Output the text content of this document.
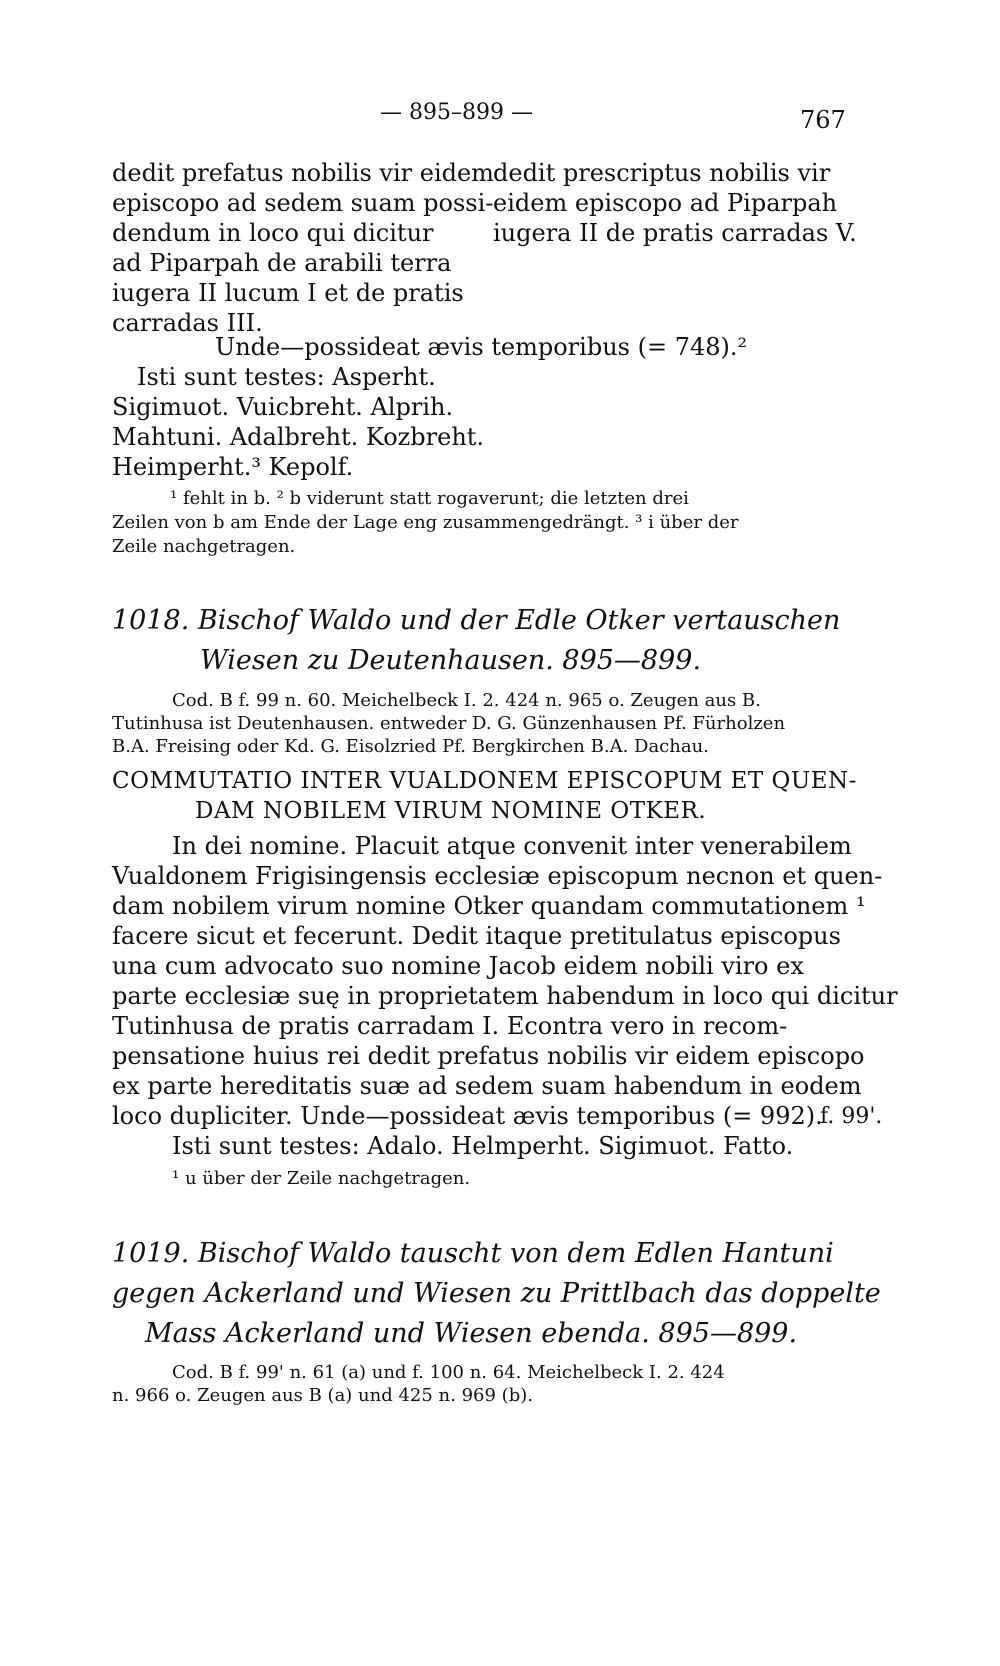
— 895–899 —	767
dedit prefatus nobilis vir eidem
episcopo ad sedem suam possi-
dendum in loco qui dicitur
ad Piparpah de arabili terra
iugera II lucum I et de pratis
carradas III.
dedit prescriptus nobilis vir
eidem episcopo ad Piparpah
iugera II de pratis carradas V.
Unde—possideat ævis temporibus (= 748).²
Isti sunt testes: Asperht.
Sigimuot. Vuicbreht. Alprih.
Mahtuni. Adalbreht. Kozbreht.
Heimperht.³ Kepolf.
¹ fehlt in b. ² b viderunt statt rogaverunt; die letzten drei
Zeilen von b am Ende der Lage eng zusammengedrängt. ³ i über der
Zeile nachgetragen.
1018. Bischof Waldo und der Edle Otker vertauschen
Wiesen zu Deutenhausen. 895—899.
Cod. B f. 99 n. 60. Meichelbeck I. 2. 424 n. 965 o. Zeugen aus B.
Tutinhusa ist Deutenhausen. entweder D. G. Günzenhausen Pf. Fürholzen
B.A. Freising oder Kd. G. Eisolzried Pf. Bergkirchen B.A. Dachau.
COMMUTATIO INTER VUALDONEM EPISCOPUM ET QUEN-
DAM NOBILEM VIRUM NOMINE OTKER.
In dei nomine. Placuit atque convenit inter venerabilem
Vualdonem Frigisingensis ecclesiæ episcopum necnon et quen-
dam nobilem virum nomine Otker quandam commutationem ¹
facere sicut et fecerunt. Dedit itaque pretitulatus episcopus
una cum advocato suo nomine Jacob eidem nobili viro ex
parte ecclesiæ suę in proprietatem habendum in loco qui dicitur
Tutinhusa de pratis carradam I. Econtra vero in recom-
pensatione huius rei dedit prefatus nobilis vir eidem episcopo
ex parte hereditatis suæ ad sedem suam habendum in eodem
loco dupliciter. Unde—possideat ævis temporibus (= 992).
f. 99'.
Isti sunt testes: Adalo. Helmperht. Sigimuot. Fatto.
¹ u über der Zeile nachgetragen.
1019. Bischof Waldo tauscht von dem Edlen Hantuni
gegen Ackerland und Wiesen zu Prittlbach das doppelte
Mass Ackerland und Wiesen ebenda. 895—899.
Cod. B f. 99' n. 61 (a) und f. 100 n. 64. Meichelbeck I. 2. 424
n. 966 o. Zeugen aus B (a) und 425 n. 969 (b).
